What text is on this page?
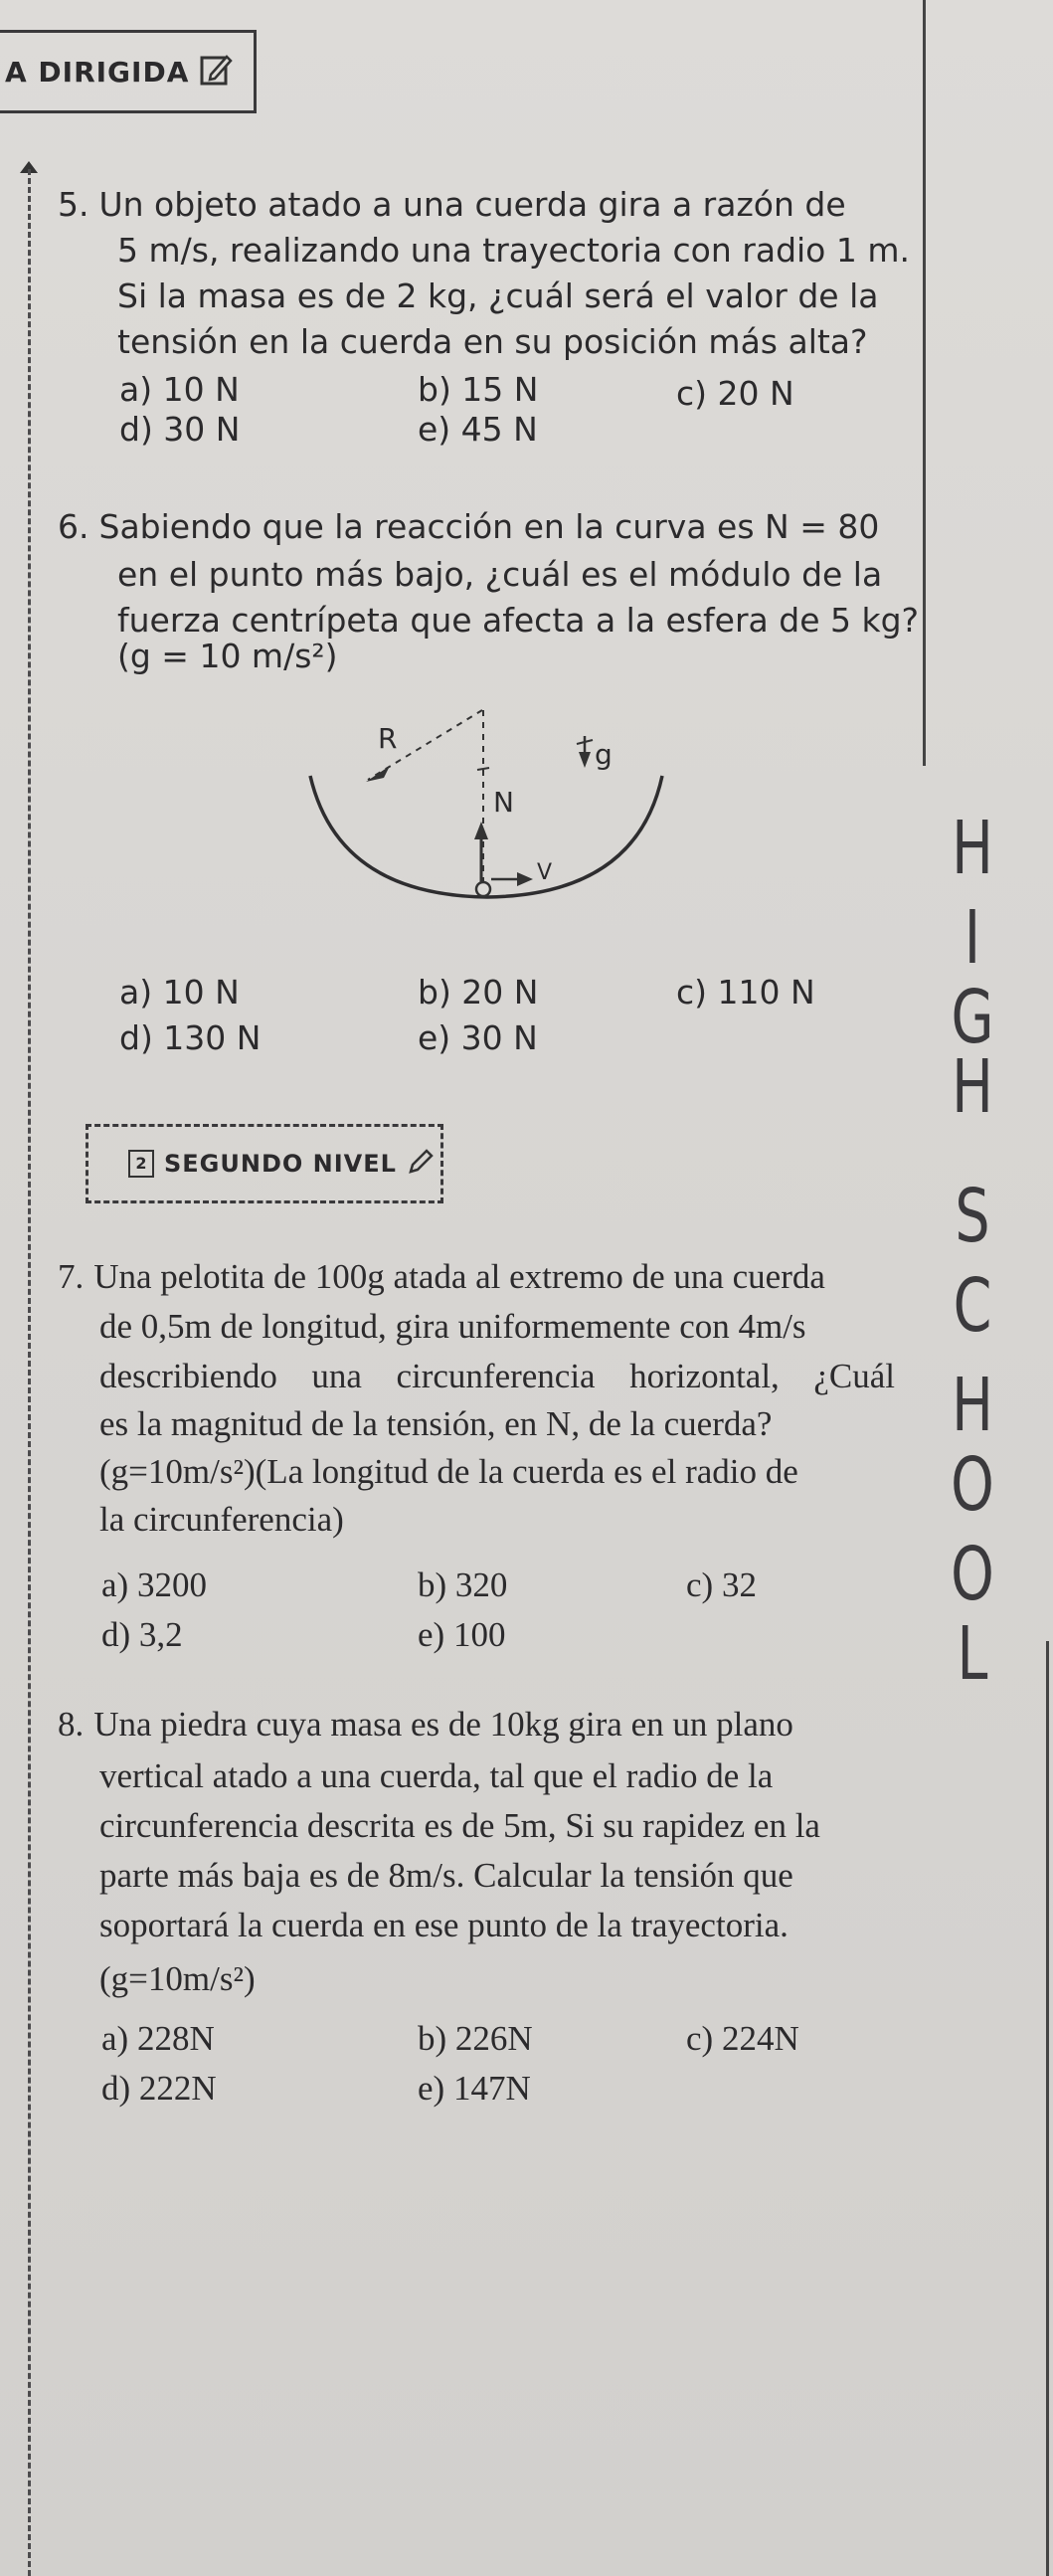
A DIRIGIDA
5. Un objeto atado a una cuerda gira a razón de
5 m/s, realizando una trayectoria con radio 1 m.
Si la masa es de 2 kg, ¿cuál será el valor de la
tensión en la cuerda en su posición más alta?
a) 10 N	b) 15 N	c) 20 N
d) 30 N	e) 45 N
6. Sabiendo que la reacción en la curva es N = 80
en el punto más bajo, ¿cuál es el módulo de la
fuerza centrípeta que afecta a la esfera de 5 kg?
(g = 10 m/s²)
R	g
N
V
a) 10 N	b) 20 N	c) 110 N
d) 130 N	e) 30 N
2 SEGUNDO NIVEL
7. Una pelotita de 100g atada al extremo de una cuerda
de 0,5m de longitud, gira uniformemente con 4m/s
describiendo una circunferencia horizontal, ¿Cuál
es la magnitud de la tensión, en N, de la cuerda?
(g=10m/s²)(La longitud de la cuerda es el radio de
la circunferencia)
a) 3200	b) 320	c) 32
d) 3,2	e) 100
8. Una piedra cuya masa es de 10kg gira en un plano
vertical atado a una cuerda, tal que el radio de la
circunferencia descrita es de 5m, Si su rapidez en la
parte más baja es de 8m/s. Calcular la tensión que
soportará la cuerda en ese punto de la trayectoria.
(g=10m/s²)
a) 228N	b) 226N	c) 224N
d) 222N	e) 147N
H
I
G
H
S
C
H
O
O
L
